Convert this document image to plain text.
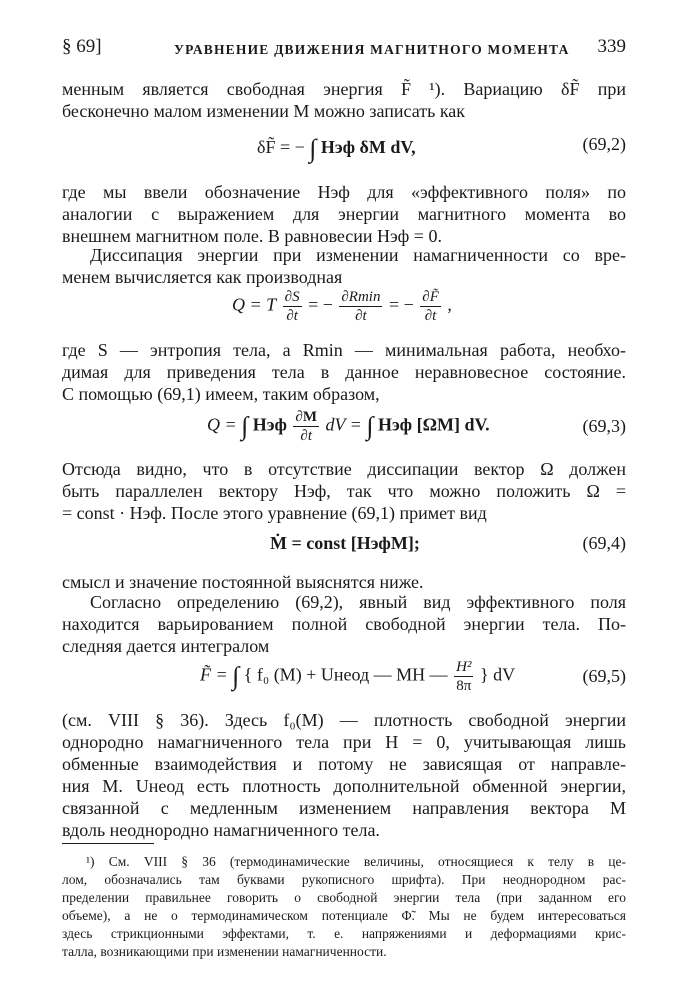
§ 69]	УРАВНЕНИЕ ДВИЖЕНИЯ МАГНИТНОГО МОМЕНТА 339
менным является свободная энергия F̃ ¹). Вариацию δF̃ при
бесконечно малом изменении M можно записать как
δF̃ = − ∫ Hэф δM dV,	(69,2)
где мы ввели обозначение Hэф для «эффективного поля» по
аналогии с выражением для энергии магнитного момента во
внешнем магнитном поле. В равновесии Hэф = 0.
Диссипация энергии при изменении намагниченности со вре-
менем вычисляется как производная
Q = T $\frac{\partial S}{\partial t}$ = − $\frac{\partial Rmin}{\partial t}$ = − $\frac{\partial F̃}{\partial t}$ ,
где S — энтропия тела, а Rmin — минимальная работа, необхо-
димая для приведения тела в данное неравновесное состояние.
С помощью (69,1) имеем, таким образом,
Q = ∫ Hэф $\frac{\partial M}{\partial t}$ dV = ∫ Hэф [ΩM] dV.	(69,3)
Отсюда видно, что в отсутствие диссипации вектор Ω должен
быть параллелен вектору Hэф, так что можно положить Ω =
= const · Hэф. После этого уравнение (69,1) примет вид
Ṁ = const [HэфM];	(69,4)
смысл и значение постоянной выяснятся ниже.
Согласно определению (69,2), явный вид эффективного поля
находится варьированием полной свободной энергии тела. По-
следняя дается интегралом
F̃ = ∫ { f₀ (M) + Uнеод — MH — $\frac{\text{H²}}{8\pi}$ } dV	(69,5)
(см. VIII § 36). Здесь f₀(M) — плотность свободной энергии
однородно намагниченного тела при H = 0, учитывающая лишь
обменные взаимодействия и потому не зависящая от направле-
ния M. Uнеод есть плотность дополнительной обменной энергии,
связанной с медленным изменением направления вектора M
вдоль неоднородно намагниченного тела.
¹) См. VIII § 36 (термодинамические величины, относящиеся к телу в це-
лом, обозначались там буквами рукописного шрифта). При неоднородном рас-
пределении правильнее говорить о свободной энергии тела (при заданном его
объеме), а не о термодинамическом потенциале Φ̃. Мы не будем интересоваться
здесь стрикционными эффектами, т. е. напряжениями и деформациями крис-
талла, возникающими при изменении намагниченности.
